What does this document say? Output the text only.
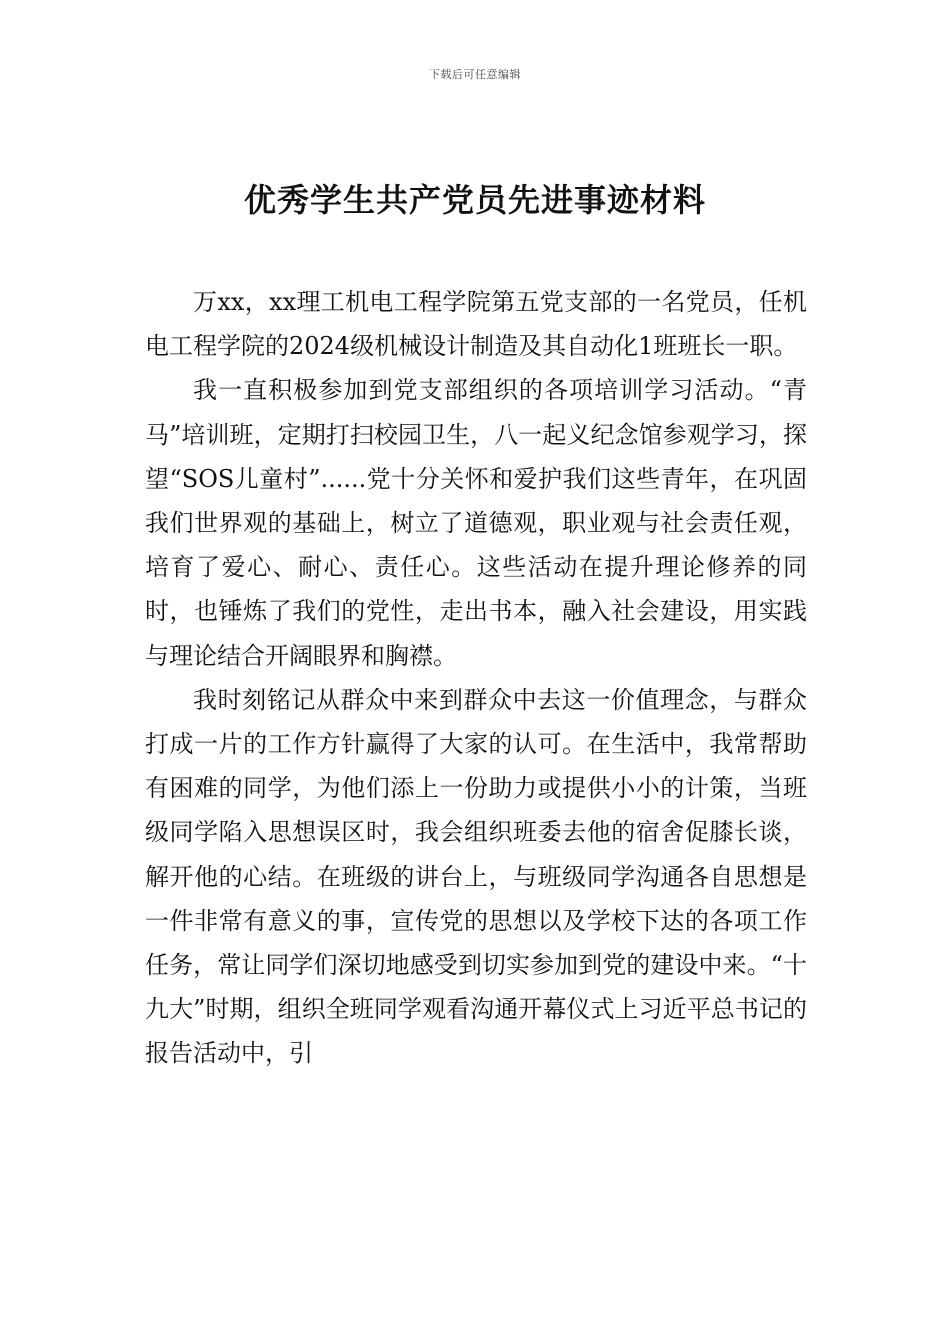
下载后可任意编辑
优秀学生共产党员先进事迹材料

万xx，xx理工机电工程学院第五党支部的一名党员，任机电工程学院的2024级机械设计制造及其自动化1班班长一职。

我一直积极参加到党支部组织的各项培训学习活动。“青马”培训班，定期打扫校园卫生，八一起义纪念馆参观学习，探望“SOS儿童村”......党十分关怀和爱护我们这些青年，在巩固我们世界观的基础上，树立了道德观，职业观与社会责任观，培育了爱心、耐心、责任心。这些活动在提升理论修养的同时，也锤炼了我们的党性，走出书本，融入社会建设，用实践与理论结合开阔眼界和胸襟。

我时刻铭记从群众中来到群众中去这一价值理念，与群众打成一片的工作方针赢得了大家的认可。在生活中，我常帮助有困难的同学，为他们添上一份助力或提供小小的计策，当班级同学陷入思想误区时，我会组织班委去他的宿舍促膝长谈，解开他的心结。在班级的讲台上，与班级同学沟通各自思想是一件非常有意义的事，宣传党的思想以及学校下达的各项工作任务，常让同学们深切地感受到切实参加到党的建设中来。“十九大”时期，组织全班同学观看沟通开幕仪式上习近平总书记的报告活动中，引
